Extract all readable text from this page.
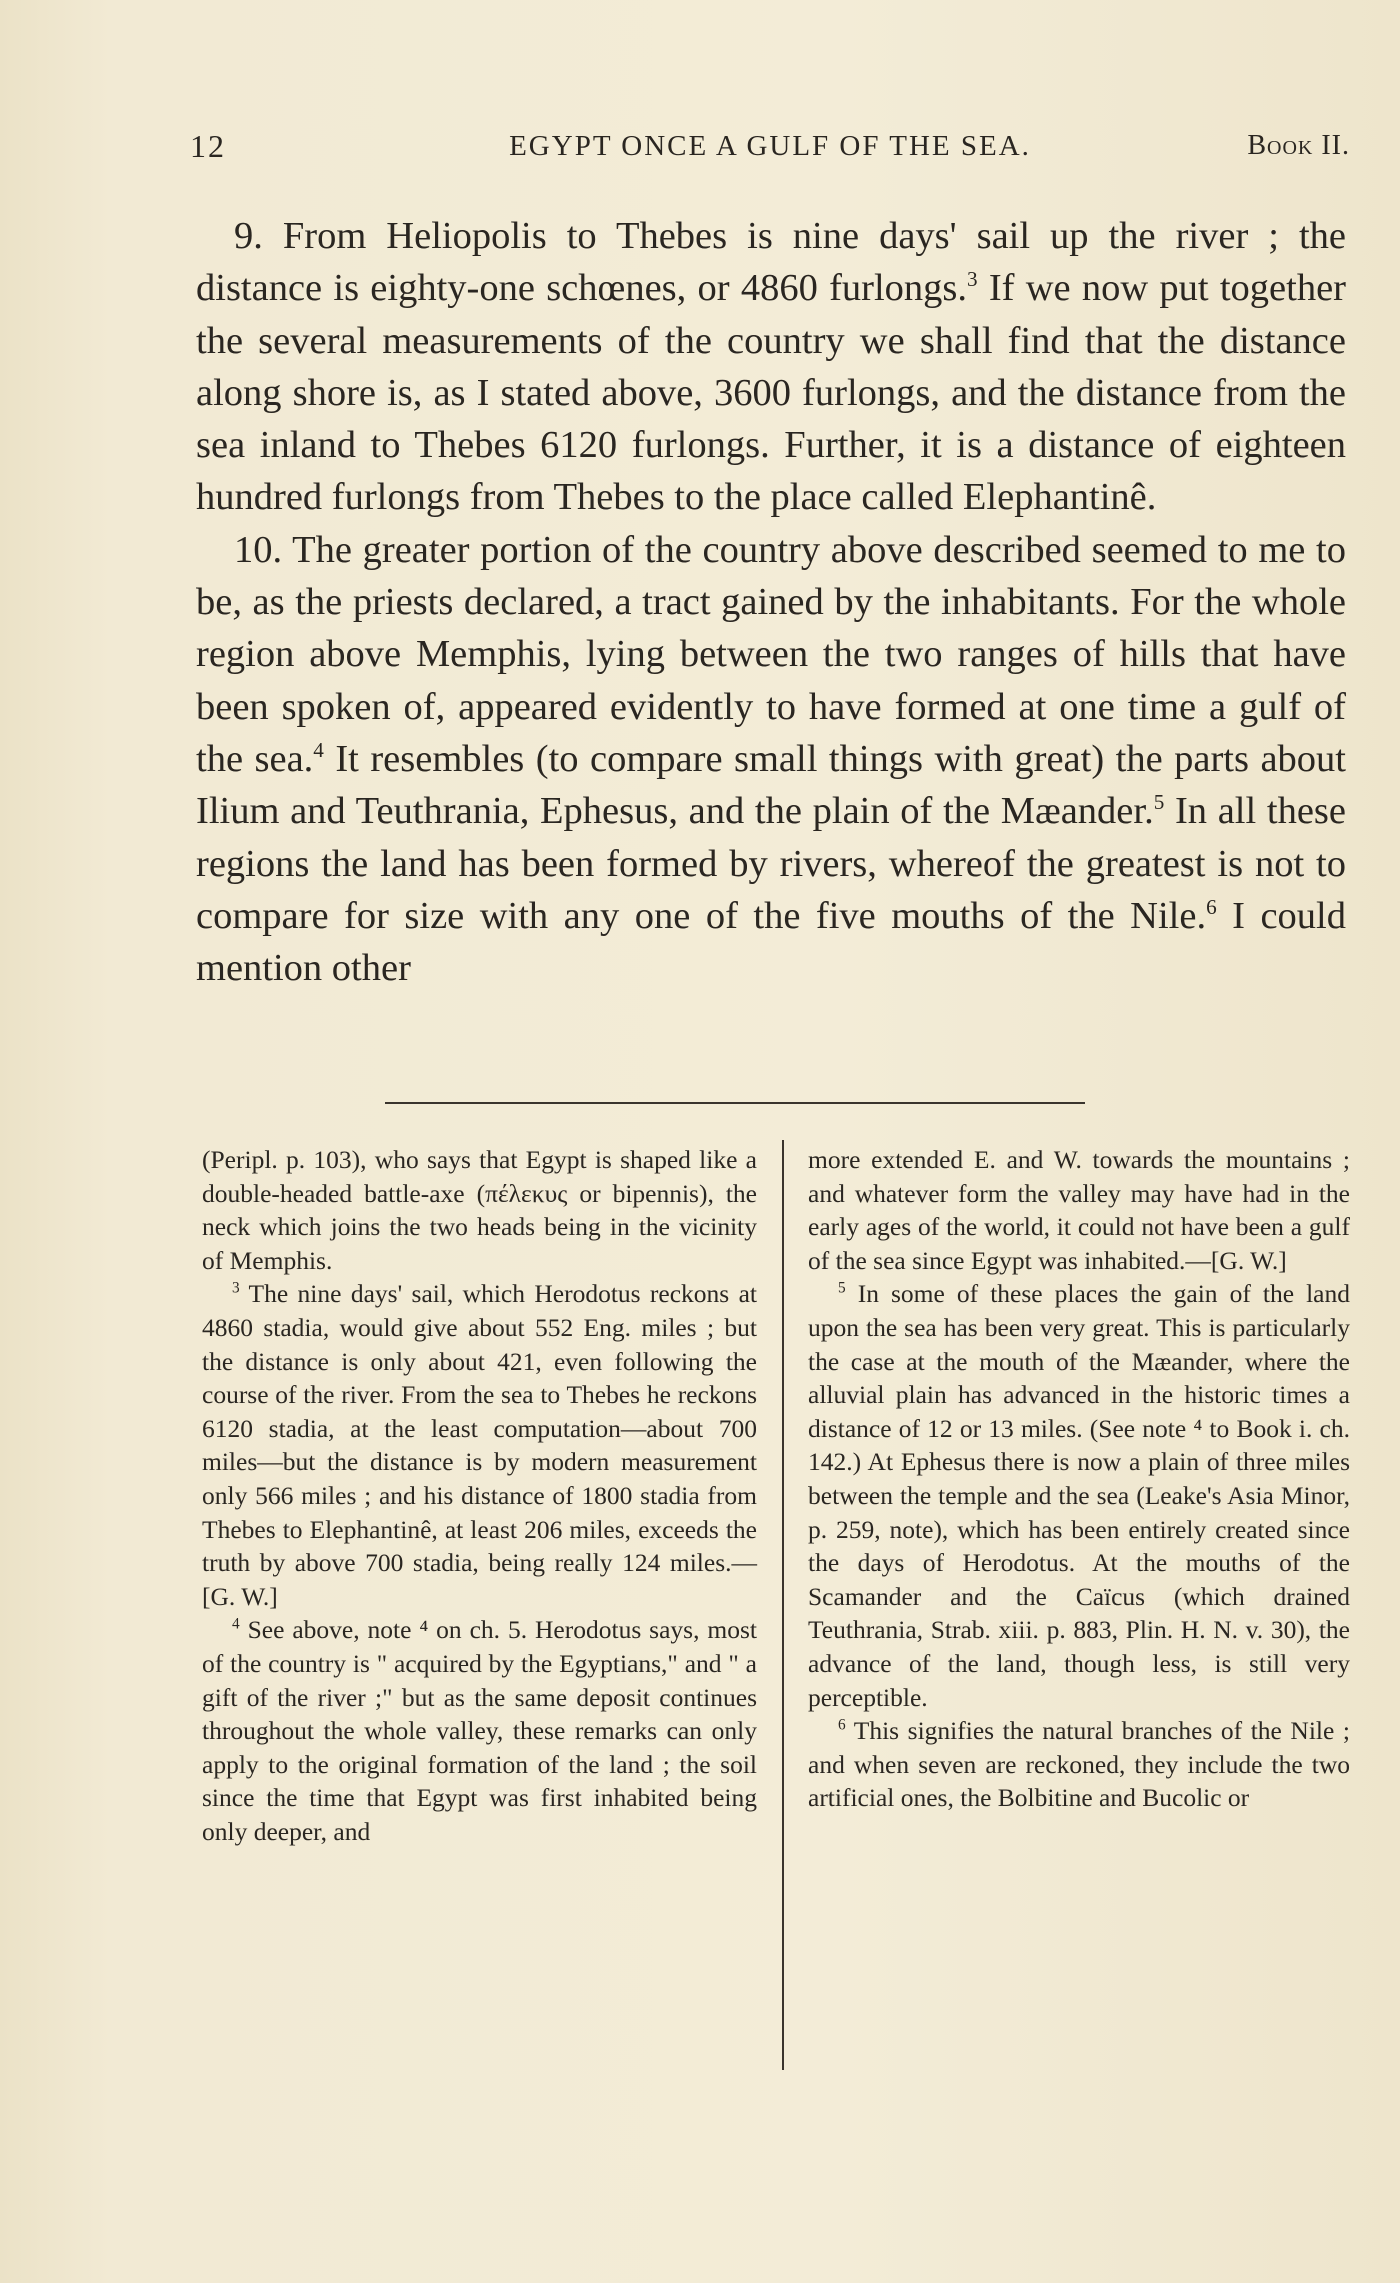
12	EGYPT ONCE A GULF OF THE SEA.	Book II.

9. From Heliopolis to Thebes is nine days' sail up the river ; the distance is eighty-one schœnes, or 4860 furlongs.$^3$ If we now put together the several measurements of the country we shall find that the distance along shore is, as I stated above, 3600 furlongs, and the distance from the sea inland to Thebes 6120 furlongs. Further, it is a distance of eighteen hundred furlongs from Thebes to the place called Elephantinê.

10. The greater portion of the country above described seemed to me to be, as the priests declared, a tract gained by the inhabitants. For the whole region above Memphis, lying between the two ranges of hills that have been spoken of, appeared evidently to have formed at one time a gulf of the sea.$^4$ It resembles (to compare small things with great) the parts about Ilium and Teuthrania, Ephesus, and the plain of the Mæander.$^5$ In all these regions the land has been formed by rivers, whereof the greatest is not to compare for size with any one of the five mouths of the Nile.$^6$ I could mention other

(Peripl. p. 103), who says that Egypt is shaped like a double-headed battle-axe (πέλεκυς or bipennis), the neck which joins the two heads being in the vicinity of Memphis.

$^3$ The nine days' sail, which Herodotus reckons at 4860 stadia, would give about 552 Eng. miles ; but the distance is only about 421, even following the course of the river. From the sea to Thebes he reckons 6120 stadia, at the least computation—about 700 miles—but the distance is by modern measurement only 566 miles ; and his distance of 1800 stadia from Thebes to Elephantinê, at least 206 miles, exceeds the truth by above 700 stadia, being really 124 miles.—[G. W.]

$^4$ See above, note ⁴ on ch. 5. Herodotus says, most of the country is " acquired by the Egyptians," and " a gift of the river ;" but as the same deposit continues throughout the whole valley, these remarks can only apply to the original formation of the land ; the soil since the time that Egypt was first inhabited being only deeper, and

more extended E. and W. towards the mountains ; and whatever form the valley may have had in the early ages of the world, it could not have been a gulf of the sea since Egypt was inhabited.—[G. W.]

$^5$ In some of these places the gain of the land upon the sea has been very great. This is particularly the case at the mouth of the Mæander, where the alluvial plain has advanced in the historic times a distance of 12 or 13 miles. (See note ⁴ to Book i. ch. 142.) At Ephesus there is now a plain of three miles between the temple and the sea (Leake's Asia Minor, p. 259, note), which has been entirely created since the days of Herodotus. At the mouths of the Scamander and the Caïcus (which drained Teuthrania, Strab. xiii. p. 883, Plin. H. N. v. 30), the advance of the land, though less, is still very perceptible.

$^6$ This signifies the natural branches of the Nile ; and when seven are reckoned, they include the two artificial ones, the Bolbitine and Bucolic or
